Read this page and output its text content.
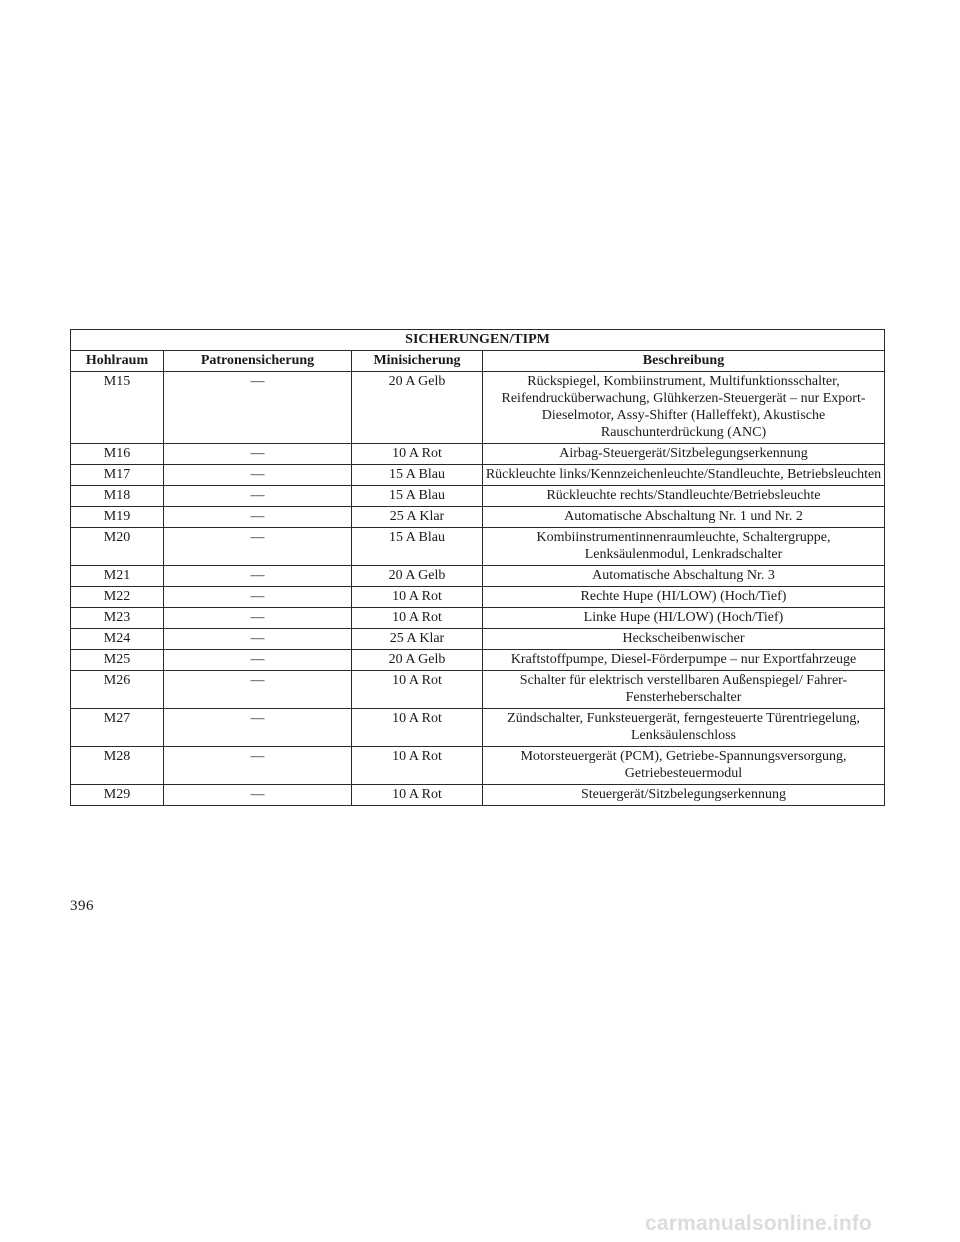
SICHERUNGEN/TIPM			
Hohlraum	Patronensicherung	Minisicherung	Beschreibung
M15	—	20 A Gelb	Rückspiegel, Kombiinstrument, Multifunktionsschalter, Reifendrucküberwachung, Glühkerzen-Steuergerät – nur Export-Dieselmotor, Assy-Shifter (Halleffekt), Akustische Rauschunterdrückung (ANC)
M16	—	10 A Rot	Airbag-Steuergerät/Sitzbelegungserkennung
M17	—	15 A Blau	Rückleuchte links/Kennzeichenleuchte/Standleuchte, Betriebsleuchten
M18	—	15 A Blau	Rückleuchte rechts/Standleuchte/Betriebsleuchte
M19	—	25 A Klar	Automatische Abschaltung Nr. 1 und Nr. 2
M20	—	15 A Blau	Kombiinstrumentinnenraumleuchte, Schaltergruppe, Lenksäulenmodul, Lenkradschalter
M21	—	20 A Gelb	Automatische Abschaltung Nr. 3
M22	—	10 A Rot	Rechte Hupe (HI/LOW) (Hoch/Tief)
M23	—	10 A Rot	Linke Hupe (HI/LOW) (Hoch/Tief)
M24	—	25 A Klar	Heckscheibenwischer
M25	—	20 A Gelb	Kraftstoffpumpe, Diesel-Förderpumpe – nur Exportfahrzeuge
M26	—	10 A Rot	Schalter für elektrisch verstellbaren Außenspiegel/ Fahrer-Fensterheberschalter
M27	—	10 A Rot	Zündschalter, Funksteuergerät, ferngesteuerte Türentriegelung, Lenksäulenschloss
M28	—	10 A Rot	Motorsteuergerät (PCM), Getriebe-Spannungsversorgung, Getriebesteuermodul
M29	—	10 A Rot	Steuergerät/Sitzbelegungserkennung
396
carmanualsonline.info
